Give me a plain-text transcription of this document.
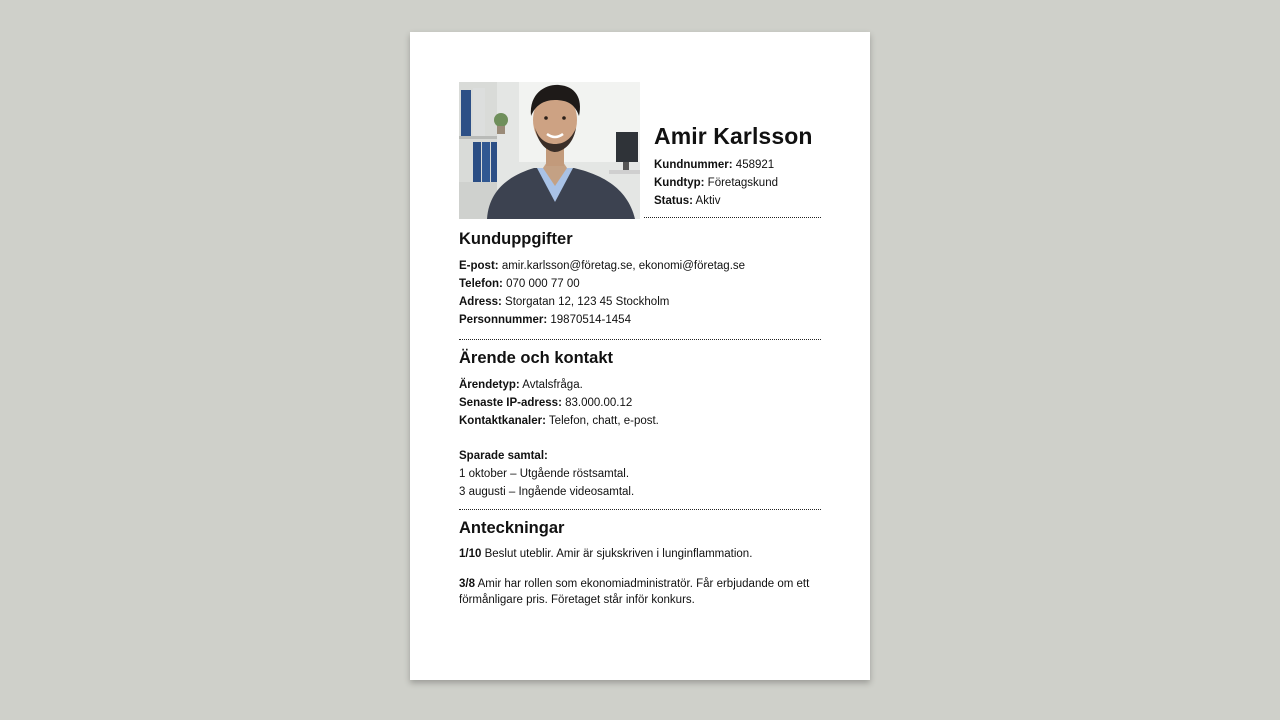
Amir Karlsson
Kundnummer: 458921
Kundtyp: Företagskund
Status: Aktiv
Kunduppgifter
E-post: amir.karlsson@företag.se, ekonomi@företag.se
Telefon: 070 000 77 00
Adress: Storgatan 12, 123 45 Stockholm
Personnummer: 19870514-1454
Ärende och kontakt
Ärendetyp: Avtalsfråga.
Senaste IP-adress: 83.000.00.12
Kontaktkanaler: Telefon, chatt, e-post.
Sparade samtal:
1 oktober – Utgående röstsamtal.
3 augusti – Ingående videosamtal.
Anteckningar

1/10 Beslut uteblir. Amir är sjukskriven i lunginflammation.

3/8 Amir har rollen som ekonomiadministratör. Får erbjudande om ett förmånligare pris. Företaget står inför konkurs.
